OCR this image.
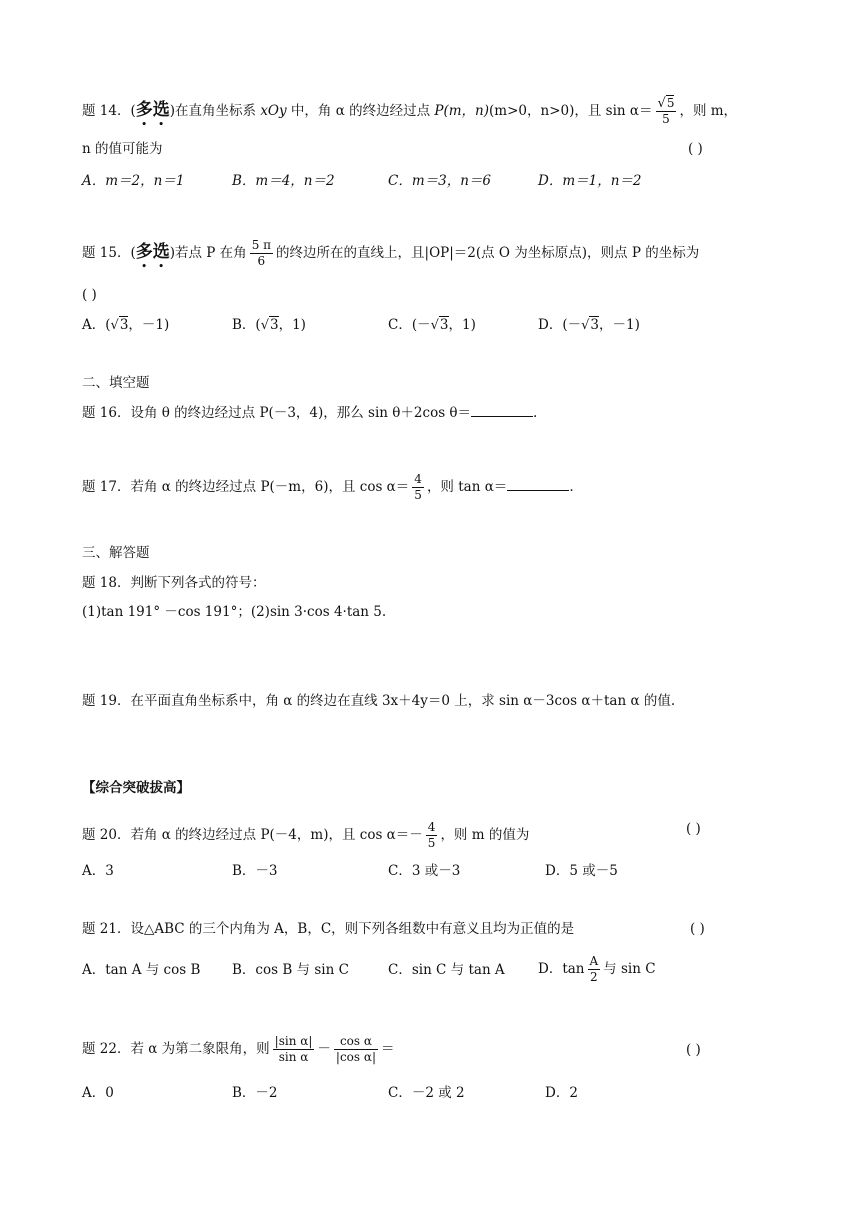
题 14．(多选)在直角坐标系 xOy 中，角 α 的终边经过点 P(m，n)(m>0，n>0)，且 $\sin \alpha= \frac{√5}{5}$ ，则 m，
n 的值可能为	( )
A．m＝2，n＝1	B．m＝4，n＝2	C．m＝3，n＝6	D．m＝1，n＝2
题 15．(多选)若点 P 在角 $\frac{5 \pi}{6}$ 的终边所在的直线上，且|OP|＝2(点 O 为坐标原点)，则点 P 的坐标为
( )
A．(√3，－1)	B．(√3，1)	C．(－√3，1)	D．(－√3，－1)
二、填空题
题 16．设角 θ 的终边经过点 P(－3，4)，那么 sin θ＋2cos θ＝	.
题 17．若角 α 的终边经过点 P(－m，6)，且 $\cos \alpha= \frac{4}{5}$ ，则 tan α＝	.
三、解答题
题 18．判断下列各式的符号：
(1)tan 191° －cos 191°；(2)sin 3·cos 4·tan 5.
题 19．在平面直角坐标系中，角 α 的终边在直线 3x＋4y＝0 上，求 sin α－3cos α＋tan α 的值.
【综合突破拔高】
题 20．若角 α 的终边经过点 P(－4，m)，且 $\cos \alpha=- \frac{4}{5}$ ，则 m 的值为	( )
A．3	B．－3	C．3 或－3	D．5 或－5
题 21．设△ABC 的三个内角为 A，B，C，则下列各组数中有意义且均为正值的是	( )
A．tan A 与 cos B B．cos B 与 sin C	C．sin C 与 tan A D．$\tan \frac{A}{2}$ 与 sin C
题 22．若 α 为第二象限角，则 $\frac{\text{|sin α|}}{\text{sin α}} - \frac{\text{cos α}}{\text{|cos α|}}$ ＝	( )
A．0	B．－2	C．－2 或 2	D．2
